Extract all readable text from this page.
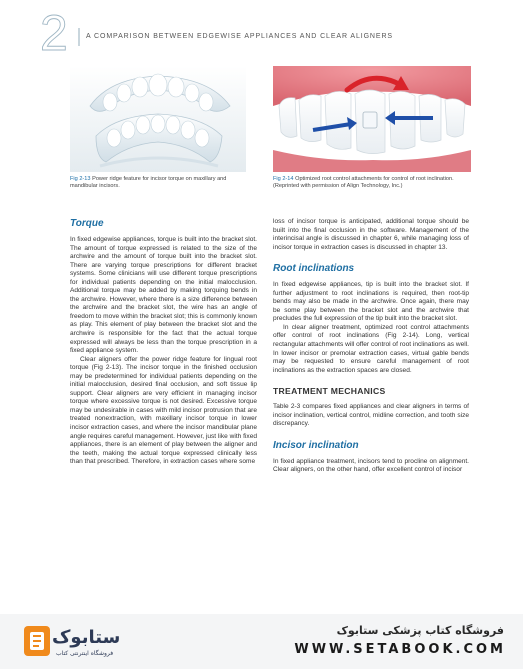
2	A COMPARISON BETWEEN EDGEWISE APPLIANCES AND CLEAR ALIGNERS
Fig 2-13 Power ridge feature for incisor torque on maxillary and mandibular incisors.
Fig 2-14 Optimized root control attachments for control of root inclination. (Reprinted with permission of Align Technology, Inc.)
Torque

In fixed edgewise appliances, torque is built into the bracket slot. The amount of torque expressed is related to the size of the archwire and the amount of torque built into the bracket slot. There are varying torque prescriptions for different bracket systems. Some clinicians will use different torque prescriptions for individual patients depending on the initial malocclusion. Additional torque may be added by making torquing bends in the archwire. However, where there is a size difference between the archwire and the bracket slot, the wire has an angle of freedom to move within the bracket slot; this is commonly known as play. This element of play between the bracket slot and the archwire is responsible for the fact that the actual torque expressed will always be less than the torque prescription in a fixed appliance system.

Clear aligners offer the power ridge feature for lingual root torque (Fig 2-13). The incisor torque in the finished occlusion may be predetermined for individual patients depending on the initial malocclusion, desired final occlusion, and soft tissue lip support. Clear aligners are very efficient in managing incisor torque where excessive torque is not desired. Excessive torque may be undesirable in cases with mild incisor protrusion that are treated nonextraction, with maxillary incisor torque in lower incisor extraction cases, and where the incisor mandibular plane angle requires careful management. However, just like with fixed appliances, there is an element of play between the aligner and the teeth, making the actual torque expressed clinically less than that prescribed. Therefore, in extraction cases where some

loss of incisor torque is anticipated, additional torque should be built into the final occlusion in the software. Management of the interincisal angle is discussed in chapter 6, while managing loss of incisor torque in extraction cases is discussed in chapter 13.

Root inclinations

In fixed edgewise appliances, tip is built into the bracket slot. If further adjustment to root inclinations is required, then root-tip bends may also be made in the archwire. Once again, there may be some play between the bracket slot and the archwire that precludes the full expression of the tip built into the bracket slot.

In clear aligner treatment, optimized root control attachments offer control of root inclinations (Fig 2-14). Long, vertical rectangular attachments will offer control of root inclinations as well. In lower incisor or premolar extraction cases, virtual gable bends may be requested to ensure careful management of root inclinations as the extraction spaces are closed.

TREATMENT MECHANICS

Table 2-3 compares fixed appliances and clear aligners in terms of incisor inclination, vertical control, midline correction, and tooth size discrepancy.

Incisor inclination

In fixed appliance treatment, incisors tend to procline on alignment. Clear aligners, on the other hand, offer excellent control of incisor

ستابوک
فروشگاه اینترنتی کتاب
فروشگاه کتاب پزشکی ستابوک
WWW.SETABOOK.COM
